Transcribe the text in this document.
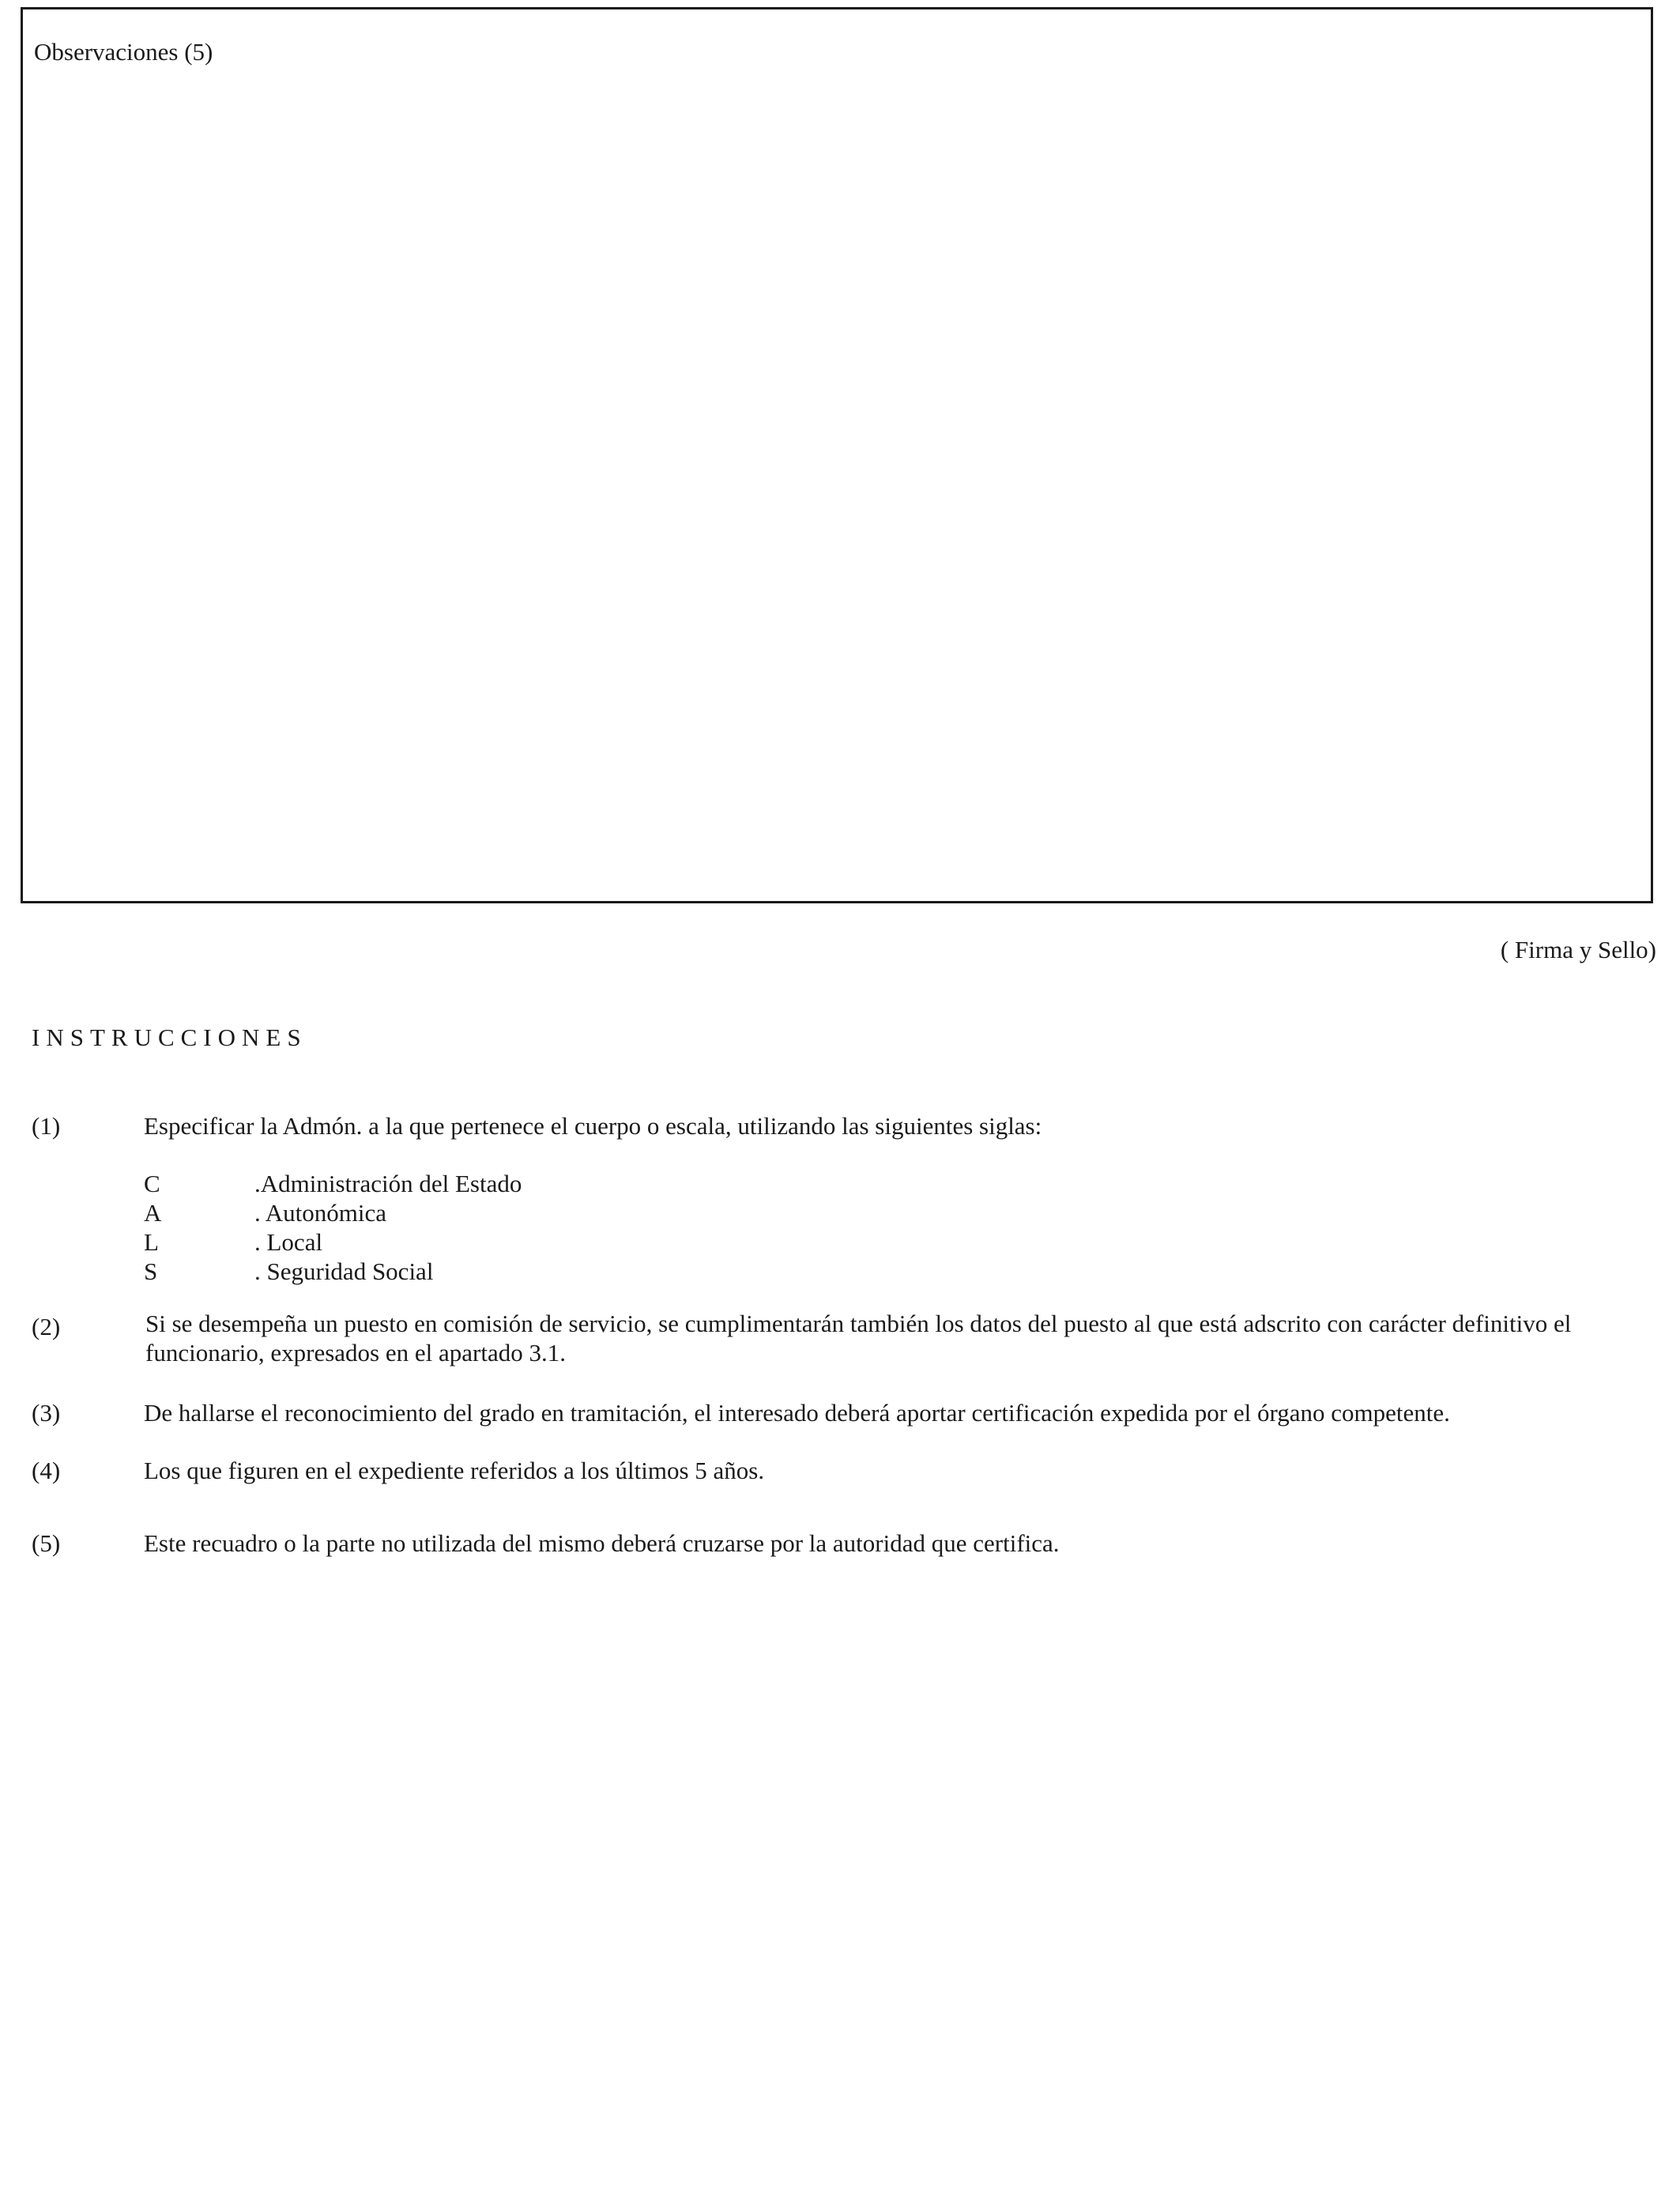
Observaciones (5)
( Firma y Sello)
INSTRUCCIONES
(1)	Especificar la Admón. a la que pertenece el cuerpo o escala, utilizando las siguientes siglas:
C	.Administración del Estado
A	. Autonómica
L	. Local
S	. Seguridad Social
(2)	Si se desempeña un puesto en comisión de servicio, se cumplimentarán también los datos del puesto al que está adscrito con carácter definitivo el funcionario, expresados en el apartado 3.1.
(3)	De hallarse el reconocimiento del grado en tramitación, el interesado deberá aportar certificación expedida por el órgano competente.
(4)	Los que figuren en el expediente referidos a los últimos 5 años.
(5)	Este recuadro o la parte no utilizada del mismo deberá cruzarse por la autoridad que certifica.
